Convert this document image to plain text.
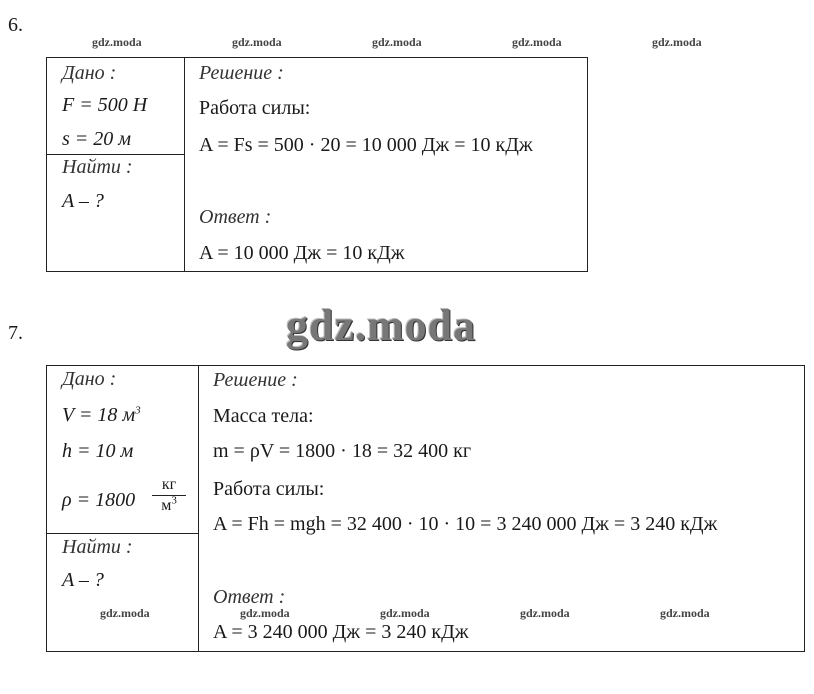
6.
gdz.moda	gdz.moda	gdz.moda	gdz.moda	gdz.moda
Дано :
F = 500 Н
s = 20 м
Найти :
A – ?
Решение :
Работа силы:
A = Fs = 500 · 20 = 10 000 Дж = 10 кДж
Ответ :
A = 10 000 Дж = 10 кДж
7.	gdz.moda
Дано :
V = 18 $м^3$
h = 10 м
ρ = 1800
кг
$м^3$
Найти :
A – ?
Решение :
Масса тела:
m = ρV = 1800 · 18 = 32 400 кг
Работа силы:
A = Fh = mgh = 32 400 · 10 · 10 = 3 240 000 Дж = 3 240 кДж
Ответ :
A = 3 240 000 Дж = 3 240 кДж
gdz.moda	gdz.moda	gdz.moda	gdz.moda	gdz.moda
